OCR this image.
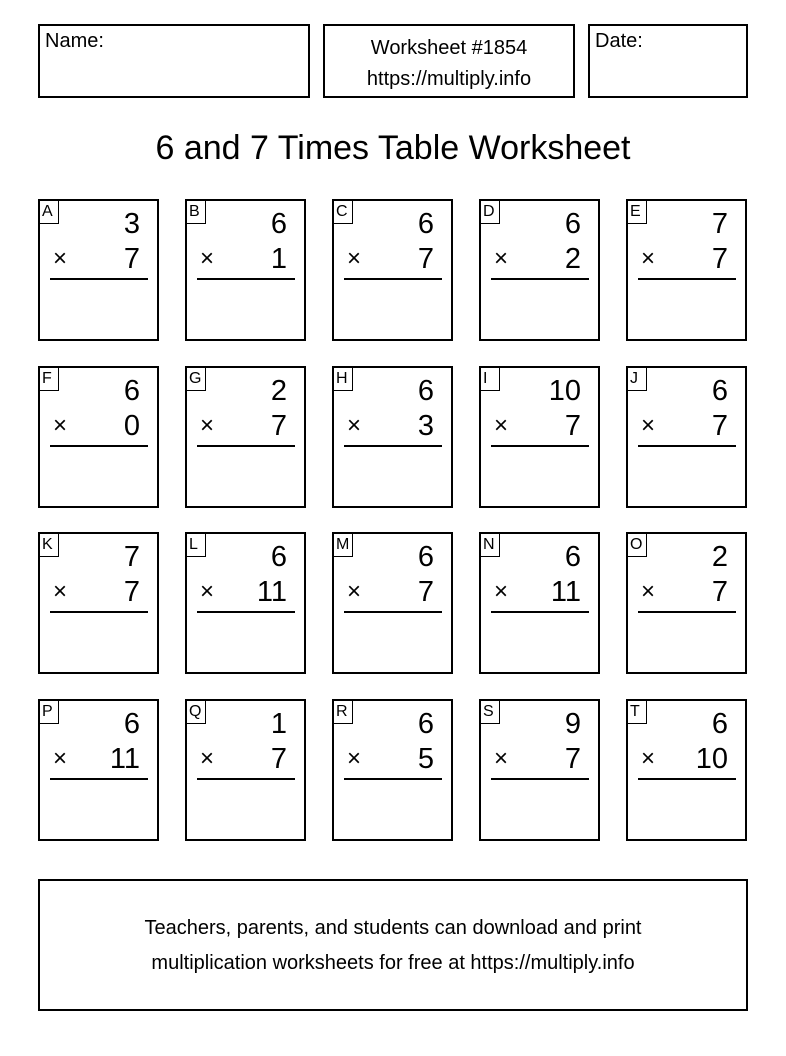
Name:	Worksheet #1854
https://multiply.info
Date:
6 and 7 Times Table Worksheet
A 3
× 7
B 6
× 1
C 6
× 7
D 6
× 2
E 7
× 7
F 6
× 0
G 2
× 7
H 6
× 3
I	10
× 7
J	6
× 7
K 7
× 7
L	6
× 11
M 6
× 7
N 6
× 11
O 2
× 7
P 6
× 11
Q 1
× 7
R 6
× 5
S 9
× 7
T 6
× 10
Teachers, parents, and students can download and print
multiplication worksheets for free at https://multiply.info
